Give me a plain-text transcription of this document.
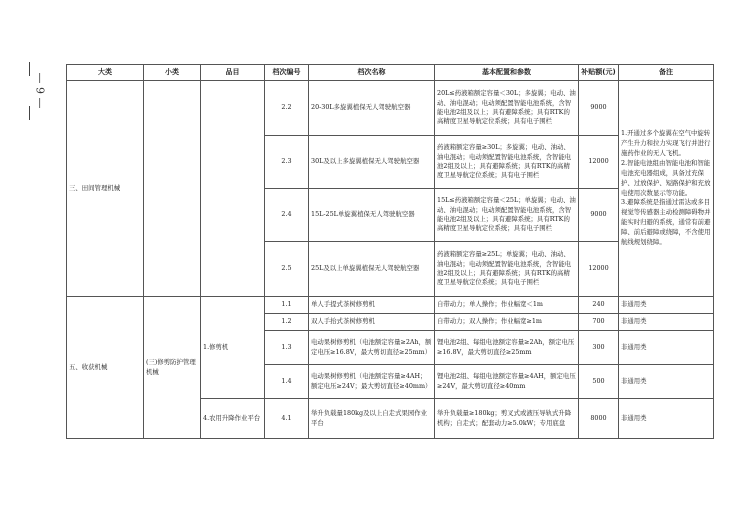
— 9 —
大类	小类	品目	档次编号	档次名称	基本配置和参数	补贴额(元)	备注
三、田间管理机械			2.2	20-30L多旋翼植保无人驾驶航空器	20L≤药液箱额定容量＜30L；多旋翼；电动、油动、油电混动；电动须配置智能电池系统，含智能电池2组及以上；具有避障系统；具有RTK的高精度卫星导航定位系统；具有电子围栏	9000	1.开通过多个旋翼在空气中旋转产生升力和拉力实现飞行并进行施药作业的无人飞机。
2.智能电池组由智能电池和智能电池充电器组成，具备过充保护、过放保护、短路保护和充放电使用次数显示等功能。
3.避障系统是指通过雷达或多目视觉等传感器主动检测障碍物并能实时归避的系统，通常有前避障、前后避障或绕障，不含使用航线规划绕障。
			2.3	30L及以上多旋翼植保无人驾驶航空器	药液箱额定容量≥30L；多旋翼；电动、油动、油电混动；电动须配置智能电池系统，含智能电池2组及以上；具有避障系统；具有RTK的高精度卫星导航定位系统；具有电子围栏	12000	
			2.4	15L-25L单旋翼植保无人驾驶航空器	15L≤药液箱额定容量＜25L；单旋翼；电动、油动、油电混动；电动须配置智能电池系统，含智能电池2组及以上；具有避障系统；具有RTK的高精度卫星导航定位系统；具有电子围栏	9000	
			2.5	25L及以上单旋翼植保无人驾驶航空器	药液箱额定容量≥25L；单旋翼；电动、油动、油电混动；电动须配置智能电池系统，含智能电池2组及以上；具有避障系统；具有RTK的高精度卫星导航定位系统；具有电子围栏	12000	
五、收获机械	(三)修剪防护管理机械	1.修剪机	1.1	单人手提式茶树修剪机	自带动力；单人操作；作业幅宽＜1m	240	非通用类
			1.2	双人手抬式茶树修剪机	自带动力；双人操作；作业幅宽≥1m	700	非通用类
			1.3	电动果树修剪机（电池额定容量≥2Ah，额定电压≥16.8V，最大剪切直径≥25mm）	锂电池2组、每组电池额定容量≥2Ah，额定电压≥16.8V，最大剪切直径≥25mm	300	非通用类
			1.4	电动果树修剪机（电池额定容量≥4AH；额定电压≥24V；最大剪切直径≥40mm）	锂电池2组、每组电池额定容量≥4AH，额定电压≥24V，最大剪切直径≥40mm	500	非通用类
		4.农用升降作业平台	4.1	举升负载量180kg及以上自走式果园作业平台	举升负载量≥180kg；剪叉式或液压导轨式升降机构；自走式；配套动力≥5.0kW；专用底盘	8000	非通用类
